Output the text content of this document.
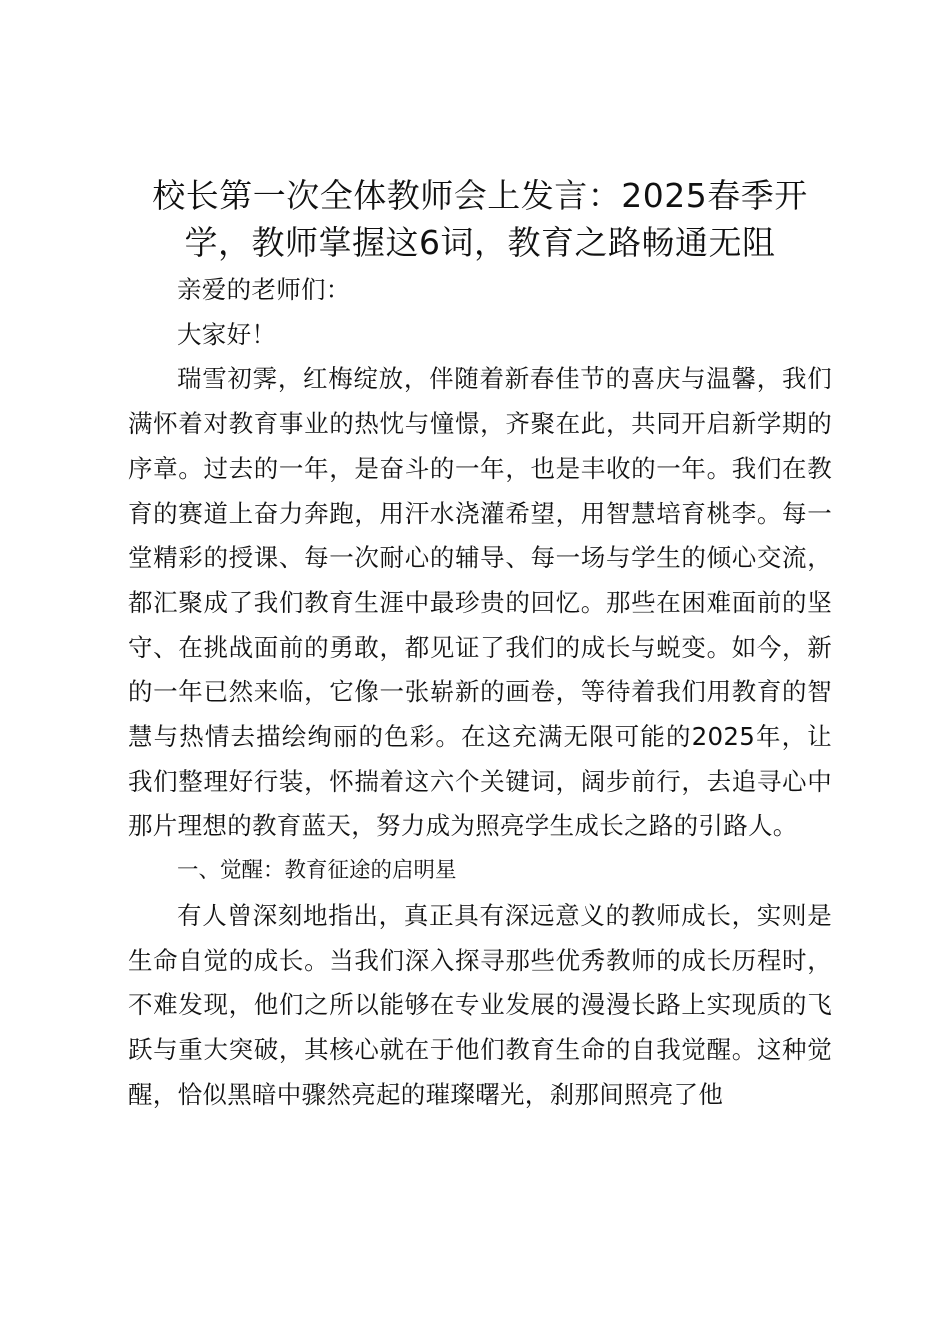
校长第一次全体教师会上发言：2025春季开学，教师掌握这6词，教育之路畅通无阻

亲爱的老师们：

大家好！

瑞雪初霁，红梅绽放，伴随着新春佳节的喜庆与温馨，我们满怀着对教育事业的热忱与憧憬，齐聚在此，共同开启新学期的序章。过去的一年，是奋斗的一年，也是丰收的一年。我们在教育的赛道上奋力奔跑，用汗水浇灌希望，用智慧培育桃李。每一堂精彩的授课、每一次耐心的辅导、每一场与学生的倾心交流，都汇聚成了我们教育生涯中最珍贵的回忆。那些在困难面前的坚守、在挑战面前的勇敢，都见证了我们的成长与蜕变。如今，新的一年已然来临，它像一张崭新的画卷，等待着我们用教育的智慧与热情去描绘绚丽的色彩。在这充满无限可能的2025年，让我们整理好行装，怀揣着这六个关键词，阔步前行，去追寻心中那片理想的教育蓝天，努力成为照亮学生成长之路的引路人。

一、觉醒：教育征途的启明星

有人曾深刻地指出，真正具有深远意义的教师成长，实则是生命自觉的成长。当我们深入探寻那些优秀教师的成长历程时，不难发现，他们之所以能够在专业发展的漫漫长路上实现质的飞跃与重大突破，其核心就在于他们教育生命的自我觉醒。这种觉醒，恰似黑暗中骤然亮起的璀璨曙光，刹那间照亮了他
